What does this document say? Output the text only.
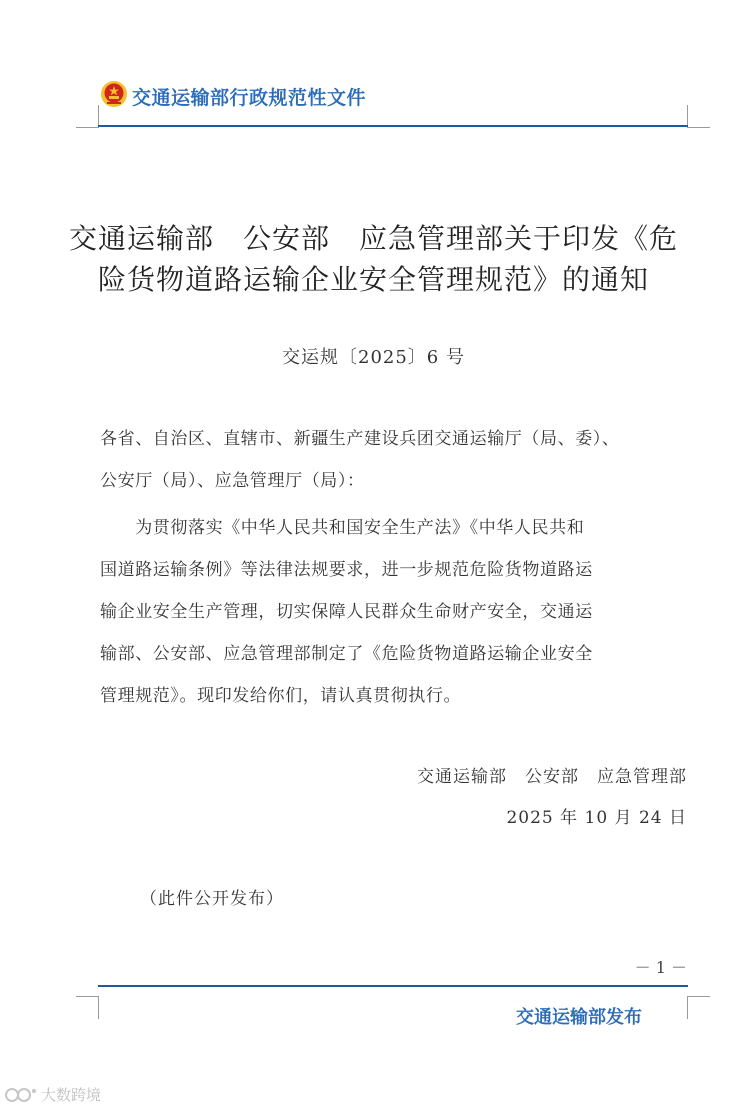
交通运输部行政规范性文件
交通运输部　公安部　应急管理部关于印发《危
险货物道路运输企业安全管理规范》的通知
交运规〔2025〕6 号
各省、自治区、直辖市、新疆生产建设兵团交通运输厅（局、委）、
公安厅（局）、应急管理厅（局）：
　　为贯彻落实《中华人民共和国安全生产法》《中华人民共和
国道路运输条例》等法律法规要求，进一步规范危险货物道路运
输企业安全生产管理，切实保障人民群众生命财产安全，交通运
输部、公安部、应急管理部制定了《危险货物道路运输企业安全
管理规范》。现印发给你们，请认真贯彻执行。
交通运输部　公安部　应急管理部
2025 年 10 月 24 日
（此件公开发布）
－ 1 －
交通运输部发布
大数跨境
